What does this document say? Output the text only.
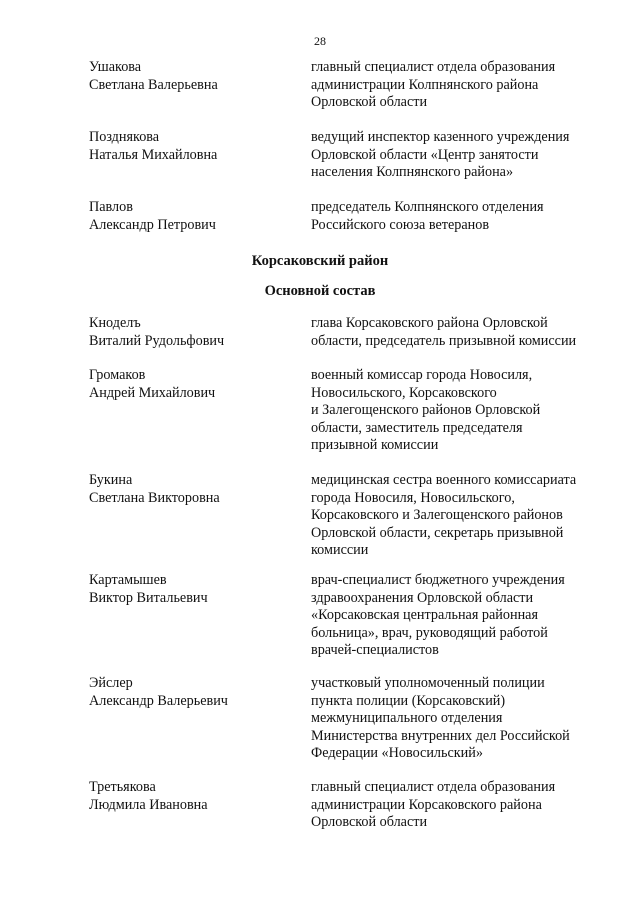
28
Ушакова
Светлана Валерьевна
главный специалист отдела образования
администрации Колпнянского района
Орловской области
Позднякова
Наталья Михайловна
ведущий инспектор казенного учреждения
Орловской области «Центр занятости
населения Колпнянского района»
Павлов
Александр Петрович
председатель Колпнянского отделения
Российского союза ветеранов
Корсаковский район
Основной состав
Кноделъ
Виталий Рудольфович
глава Корсаковского района Орловской
области, председатель призывной комиссии
Громаков
Андрей Михайлович
военный комиссар города Новосиля,
Новосильского, Корсаковского
и Залегощенского районов Орловской
области, заместитель председателя
призывной комиссии
Букина
Светлана Викторовна
медицинская сестра военного комиссариата
города Новосиля, Новосильского,
Корсаковского и Залегощенского районов
Орловской области, секретарь призывной
комиссии
Картамышев
Виктор Витальевич
врач-специалист бюджетного учреждения
здравоохранения Орловской области
«Корсаковская центральная районная
больница», врач, руководящий работой
врачей-специалистов
Эйслер
Александр Валерьевич
участковый уполномоченный полиции
пункта полиции (Корсаковский)
межмуниципального отделения
Министерства внутренних дел Российской
Федерации «Новосильский»
Третьякова
Людмила Ивановна
главный специалист отдела образования
администрации Корсаковского района
Орловской области
